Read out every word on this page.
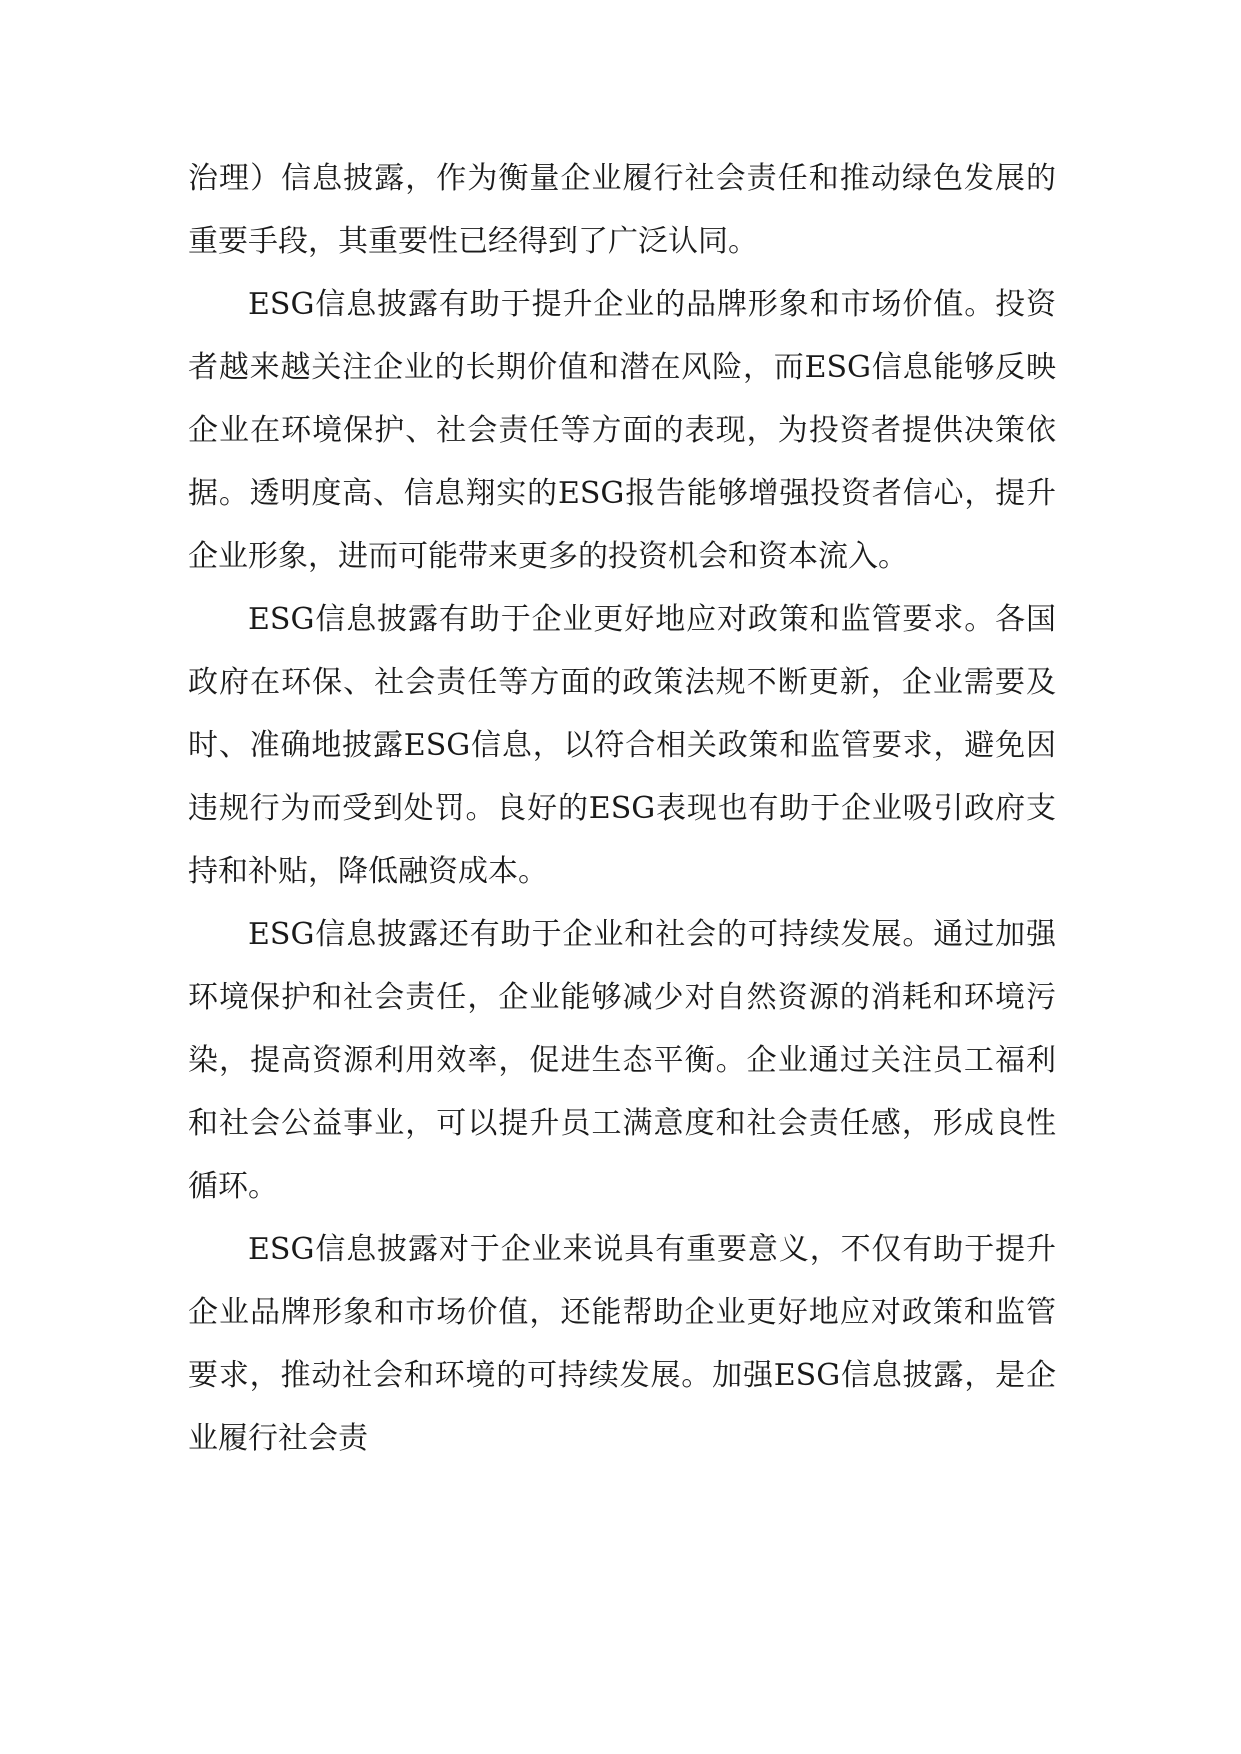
治理）信息披露，作为衡量企业履行社会责任和推动绿色发展的重要手段，其重要性已经得到了广泛认同。

ESG信息披露有助于提升企业的品牌形象和市场价值。投资者越来越关注企业的长期价值和潜在风险，而ESG信息能够反映企业在环境保护、社会责任等方面的表现，为投资者提供决策依据。透明度高、信息翔实的ESG报告能够增强投资者信心，提升企业形象，进而可能带来更多的投资机会和资本流入。

ESG信息披露有助于企业更好地应对政策和监管要求。各国政府在环保、社会责任等方面的政策法规不断更新，企业需要及时、准确地披露ESG信息，以符合相关政策和监管要求，避免因违规行为而受到处罚。良好的ESG表现也有助于企业吸引政府支持和补贴，降低融资成本。

ESG信息披露还有助于企业和社会的可持续发展。通过加强环境保护和社会责任，企业能够减少对自然资源的消耗和环境污染，提高资源利用效率，促进生态平衡。企业通过关注员工福利和社会公益事业，可以提升员工满意度和社会责任感，形成良性循环。

ESG信息披露对于企业来说具有重要意义，不仅有助于提升企业品牌形象和市场价值，还能帮助企业更好地应对政策和监管要求，推动社会和环境的可持续发展。加强ESG信息披露，是企业履行社会责
